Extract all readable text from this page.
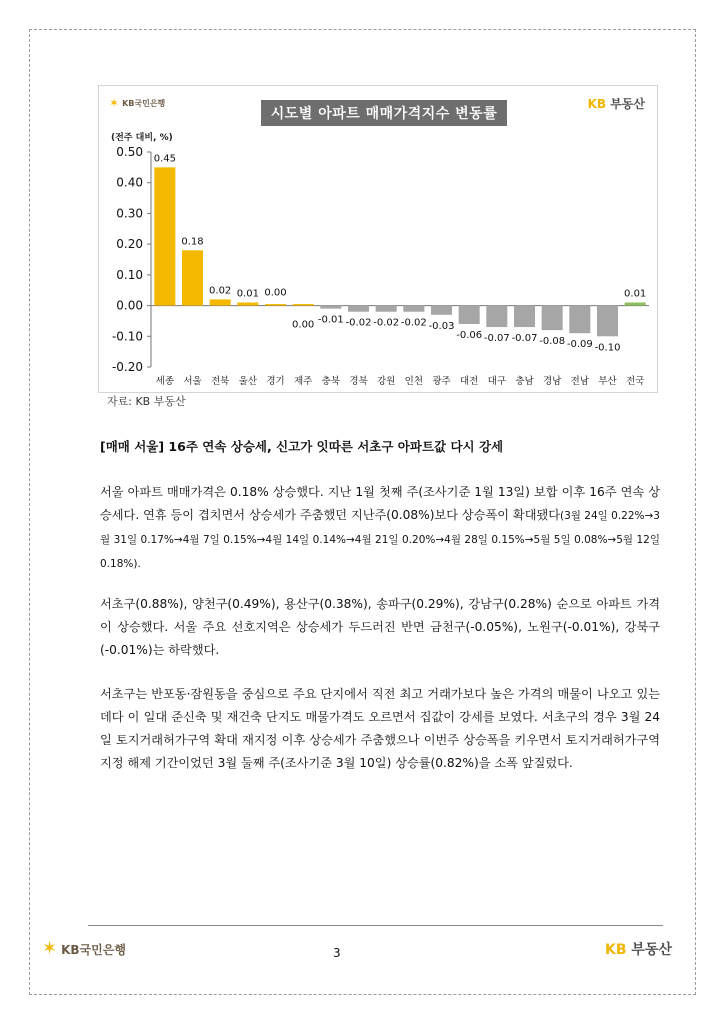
✶ KB국민은행
시도별 아파트 매매가격지수 변동률
KB 부동산
(전주 대비, %)
0.50
0.40
0.30
0.20
0.10
0.00
-0.10
-0.20
0.45
세종
0.18
서울
0.02
전북
0.01
울산
0.00
경기
0.00
제주
-0.01
충북
-0.02
경북
-0.02
강원
-0.02
인천
-0.03
광주
-0.06
대전
-0.07
대구
-0.07
충남
-0.08
경남
-0.09
전남
-0.10
부산
0.01
전국
자료: KB 부동산
[매매 서울] 16주 연속 상승세, 신고가 잇따른 서초구 아파트값 다시 강세

서울 아파트 매매가격은 0.18% 상승했다. 지난 1월 첫째 주(조사기준 1월 13일) 보합 이후 16주 연속 상승세다. 연휴 등이 겹치면서 상승세가 주춤했던 지난주(0.08%)보다 상승폭이 확대됐다(3월 24일 0.22%→3월 31일 0.17%→4월 7일 0.15%→4월 14일 0.14%→4월 21일 0.20%→4월 28일 0.15%→5월 5일 0.08%→5월 12일 0.18%).

서초구(0.88%), 양천구(0.49%), 용산구(0.38%), 송파구(0.29%), 강남구(0.28%) 순으로 아파트 가격이 상승했다. 서울 주요 선호지역은 상승세가 두드러진 반면 금천구(-0.05%), 노원구(-0.01%), 강북구(-0.01%)는 하락했다.

서초구는 반포동·잠원동을 중심으로 주요 단지에서 직전 최고 거래가보다 높은 가격의 매물이 나오고 있는데다 이 일대 준신축 및 재건축 단지도 매물가격도 오르면서 집값이 강세를 보였다. 서초구의 경우 3월 24일 토지거래허가구역 확대 재지정 이후 상승세가 주춤했으나 이번주 상승폭을 키우면서 토지거래허가구역 지정 해제 기간이었던 3월 둘째 주(조사기준 3월 10일) 상승률(0.82%)을 소폭 앞질렀다.

✶ KB국민은행	3	KB 부동산
